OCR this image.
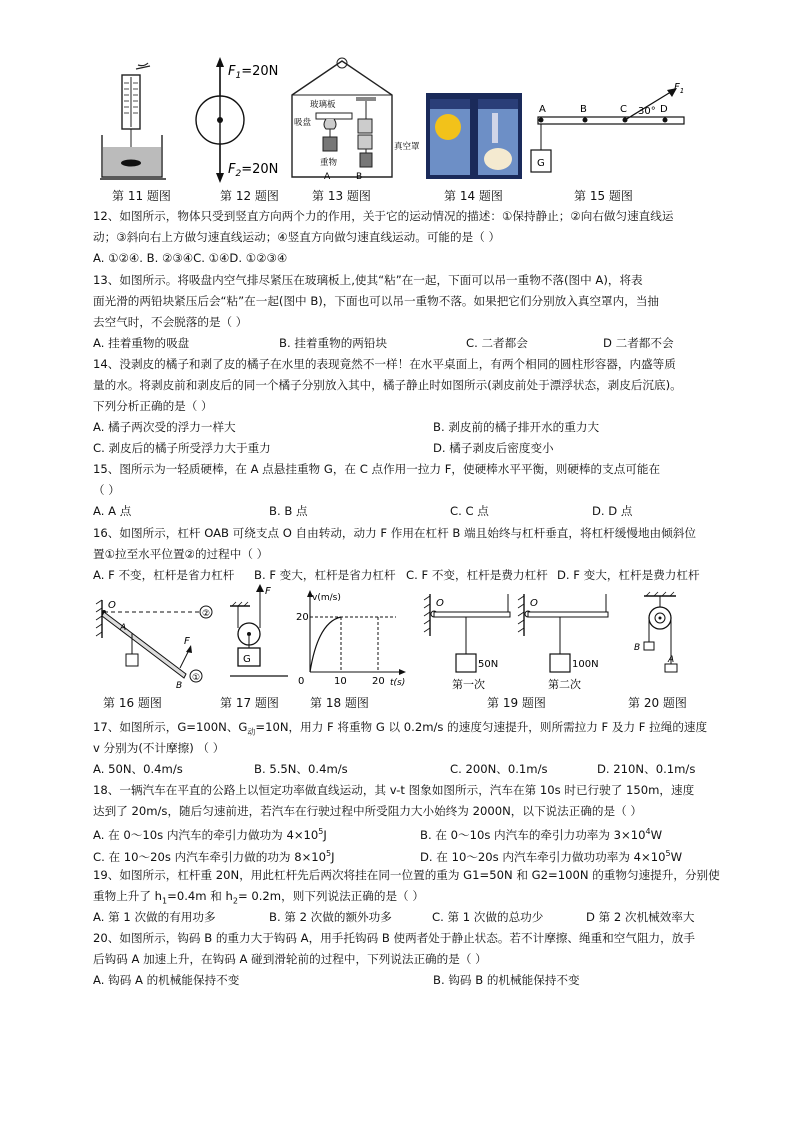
$F_1=20N$
$F_2=20N$
玻璃板
吸盘
重物
A	B
真空罩
A	B	C	D
30°
$F_1$
G
第 11 题图	第 12 题图	第 13 题图	第 14 题图	第 15 题图
12、如图所示，物体只受到竖直方向两个力的作用，关于它的运动情况的描述：①保持静止；②向右做匀速直线运
动；③斜向右上方做匀速直线运动；④竖直方向做匀速直线运动。可能的是（ ）
A. ①②④. B. ②③④C. ①④D. ①②③④
13、如图所示。将吸盘内空气排尽紧压在玻璃板上,使其“粘”在一起，下面可以吊一重物不落(图中 A)，将表
面光滑的两铅块紧压后会“粘”在一起(图中 B)，下面也可以吊一重物不落。如果把它们分别放入真空罩内，当抽
去空气时，不会脱落的是（ ）
A. 挂着重物的吸盘	B. 挂着重物的两铅块	C. 二者都会	D 二者都不会
14、没剥皮的橘子和剥了皮的橘子在水里的表现竟然不一样！在水平桌面上，有两个相同的圆柱形容器，内盛等质
量的水。将剥皮前和剥皮后的同一个橘子分别放入其中，橘子静止时如图所示(剥皮前处于漂浮状态，剥皮后沉底)。
下列分析正确的是（ ）
A. 橘子两次受的浮力一样大	B. 剥皮前的橘子排开水的重力大
C. 剥皮后的橘子所受浮力大于重力	D. 橘子剥皮后密度变小
15、图所示为一轻质硬棒，在 A 点悬挂重物 G，在 C 点作用一拉力 F，使硬棒水平平衡，则硬棒的支点可能在
（ ）
A. A 点	B. B 点	C. C 点	D. D 点
16、如图所示，杠杆 OAB 可绕支点 O 自由转动，动力 F 作用在杠杆 B 端且始终与杠杆垂直，将杠杆缓慢地由倾斜位
置①拉至水平位置②的过程中（ ）
A. F 不变，杠杆是省力杠杆 B. F 变大，杠杆是省力杠杆 C. F 不变，杠杆是费力杠杆 D. F 变大，杠杆是费力杠杆
O
②
A
F
B
①
F
G
v(m/s)
t(s)
20
0	10	20
O
50N
第一次
O
100N
第二次
B
A
第 16 题图	第 17 题图	第 18 题图	第 19 题图	第 20 题图
17、如图所示，G=100N、$G_动=10N$，用力 F 将重物 G 以 0.2m/s 的速度匀速提升，则所需拉力 F 及力 F 拉绳的速度
v 分别为(不计摩擦) （ ）
A. 50N、0.4m/s	B. 5.5N、0.4m/s	C. 200N、0.1m/s	D. 210N、0.1m/s
18、一辆汽车在平直的公路上以恒定功率做直线运动，其 v-t 图象如图所示，汽车在第 10s 时已行驶了 150m，速度
达到了 20m/s，随后匀速前进，若汽车在行驶过程中所受阻力大小始终为 2000N，以下说法正确的是（ ）
A. 在 0～10s 内汽车的牵引力做功为 $4\times 10^5J$	B. 在 0～10s 内汽车的牵引力功率为 $3\times 10^4W$
C. 在 10～20s 内汽车牵引力做的功为 $8\times 10^5J$	D. 在 10～20s 内汽车牵引力做功功率为 $4\times 10^5W$
19、如图所示，杠杆重 20N，用此杠杆先后两次将挂在同一位置的重为 G1=50N 和 G2=100N 的重物匀速提升，分别使
重物上升了 $h_1=0.4m$ 和 $h_2= 0.2m$，则下列说法正确的是（ ）
A. 第 1 次做的有用功多	B. 第 2 次做的额外功多	C. 第 1 次做的总功少	D 第 2 次机械效率大
20、如图所示，钩码 B 的重力大于钩码 A，用手托钩码 B 使两者处于静止状态。若不计摩擦、绳重和空气阻力，放手
后钩码 A 加速上升，在钩码 A 碰到滑轮前的过程中，下列说法正确的是（ ）
A. 钩码 A 的机械能保持不变	B. 钩码 B 的机械能保持不变
